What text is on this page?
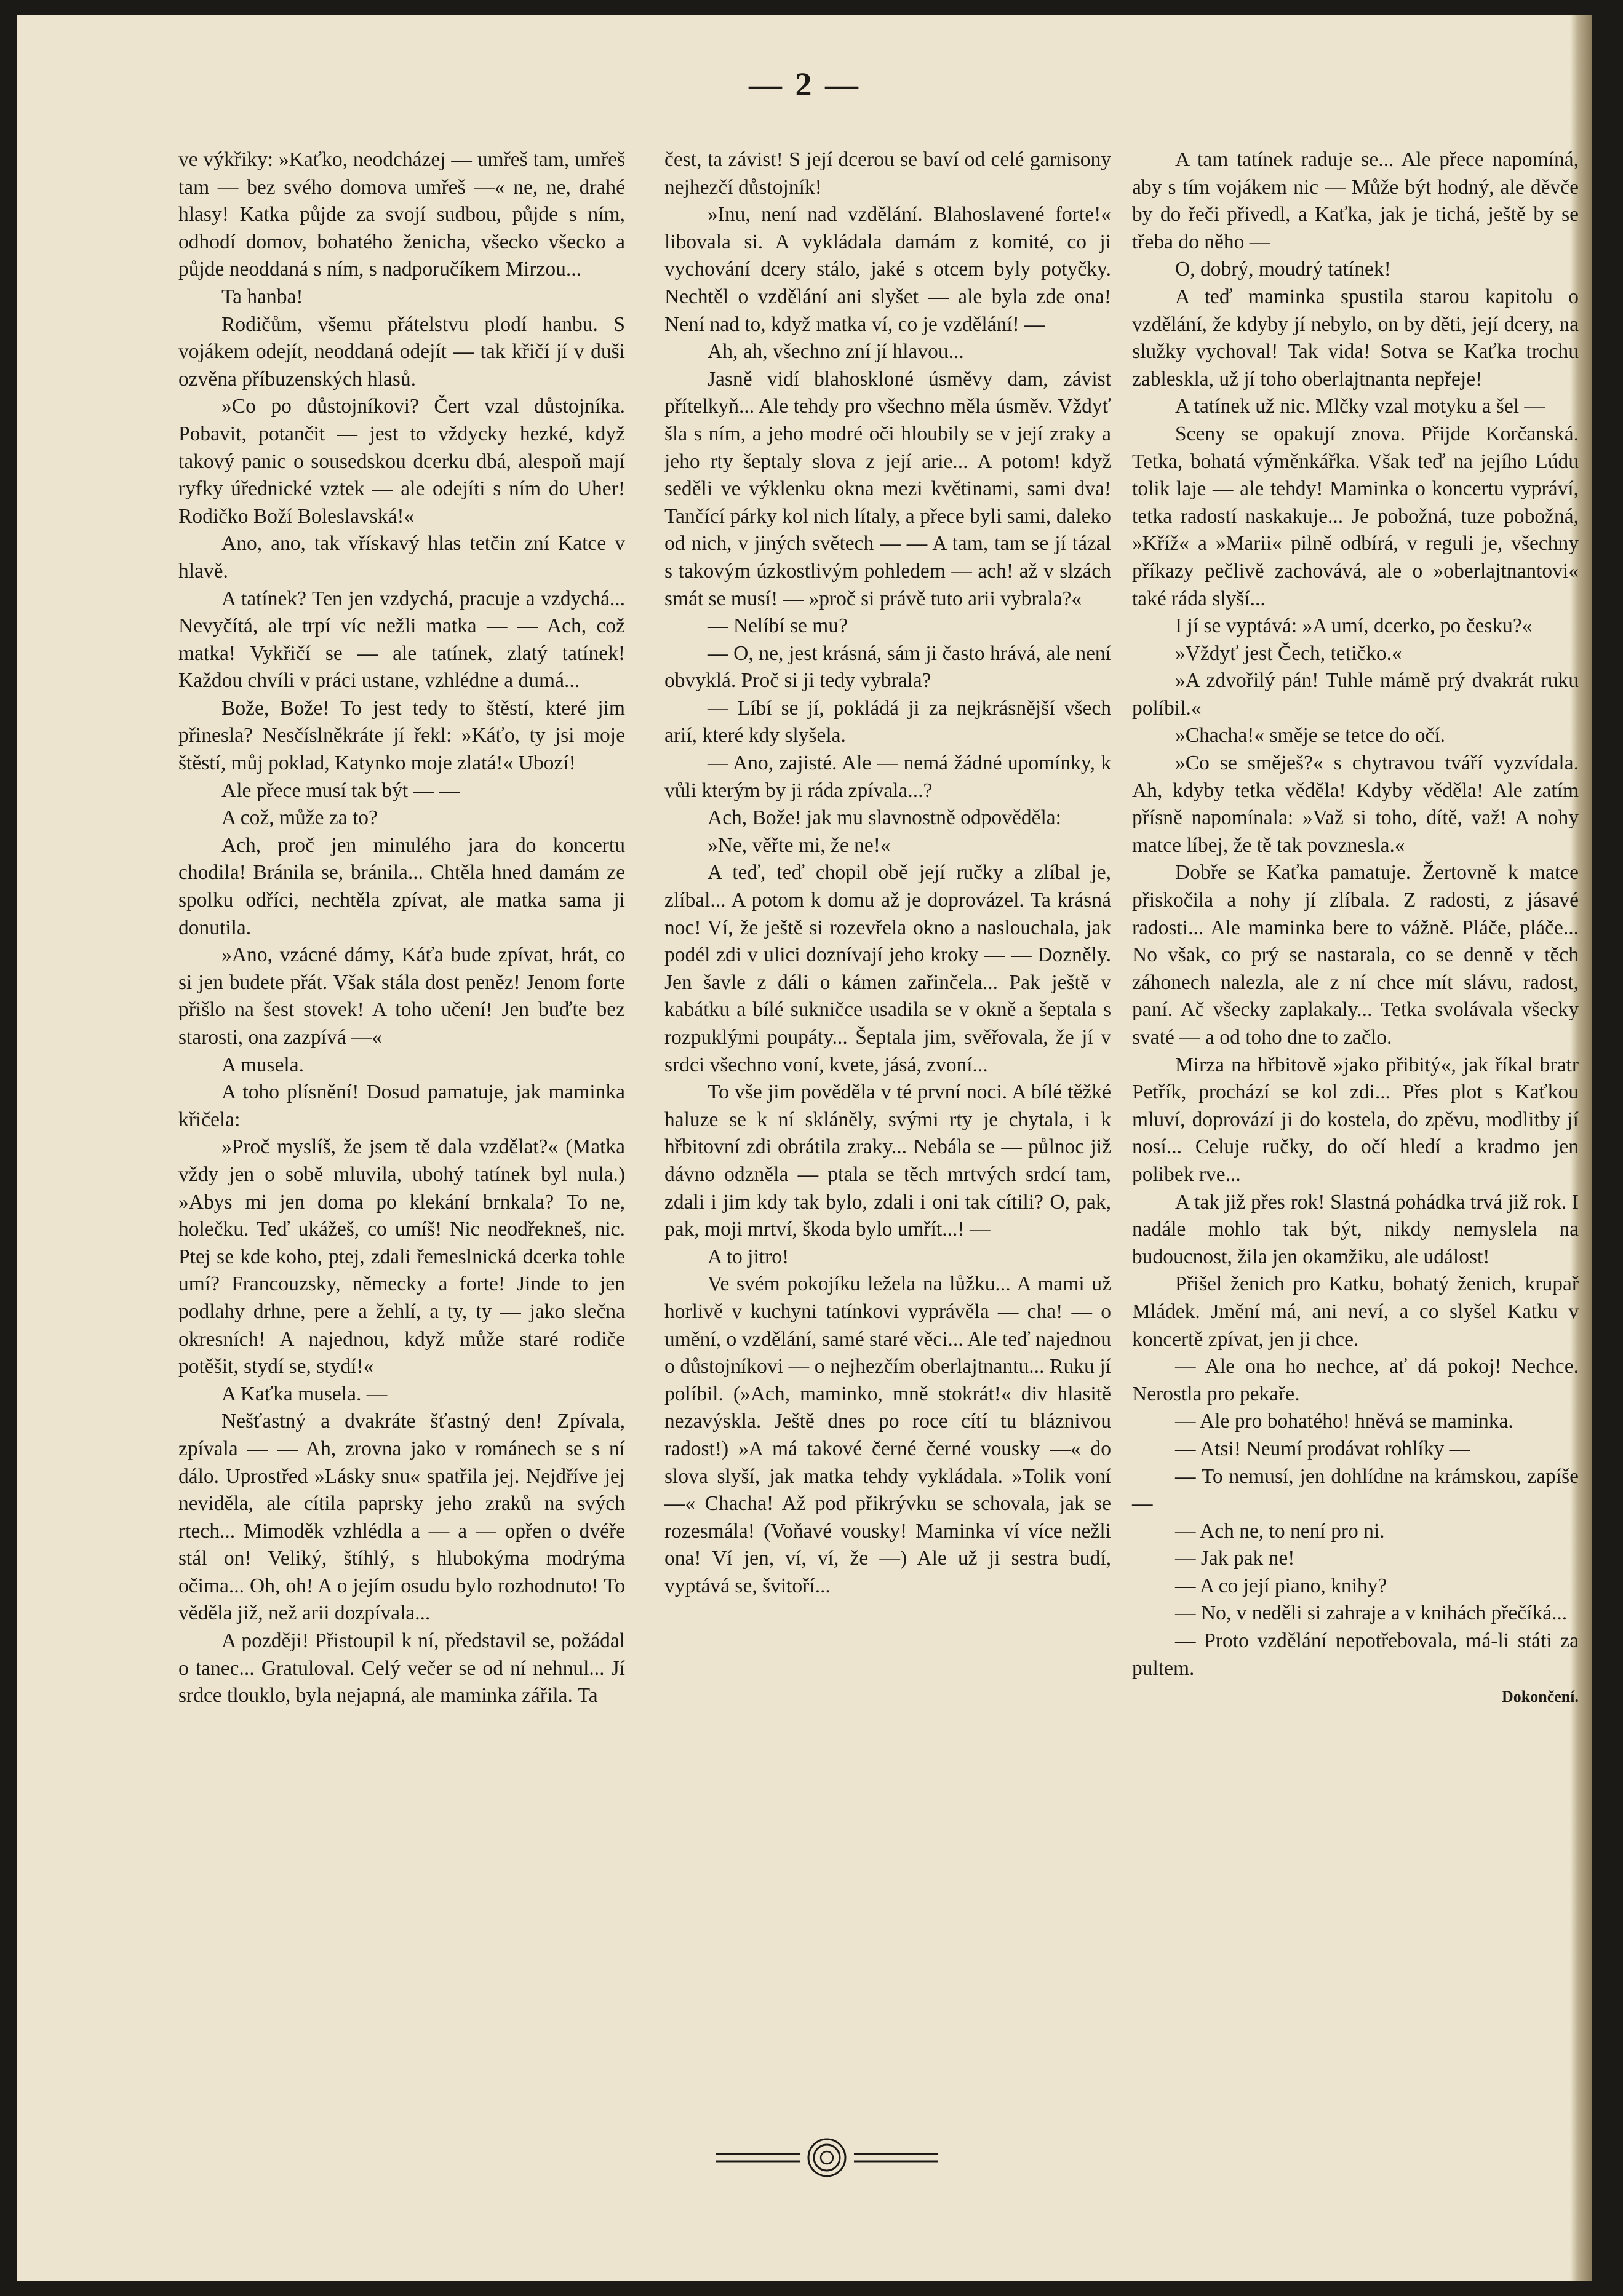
— 2 —

ve výkřiky: »Kaťko, neodcházej — umřeš tam, umřeš tam — bez svého domova umřeš —« ne, ne, drahé hlasy! Katka půjde za svojí sudbou, půjde s ním, odhodí domov, bohatého ženicha, všecko všecko a půjde neoddaná s ním, s nadporučíkem Mirzou...

Ta hanba!

Rodičům, všemu přátelstvu plodí hanbu. S vojákem odejít, neoddaná odejít — tak křičí jí v duši ozvěna příbuzenských hlasů.

»Co po důstojníkovi? Čert vzal důstojníka. Pobavit, potančit — jest to vždycky hezké, když takový panic o sousedskou dcerku dbá, alespoň mají ryfky úřednické vztek — ale odejíti s ním do Uher! Rodičko Boží Boleslavská!«

Ano, ano, tak vřískavý hlas tetčin zní Katce v hlavě.

A tatínek? Ten jen vzdychá, pracuje a vzdychá... Nevyčítá, ale trpí víc nežli matka — — Ach, což matka! Vykřičí se — ale tatínek, zlatý tatínek! Každou chvíli v práci ustane, vzhlédne a dumá...

Bože, Bože! To jest tedy to štěstí, které jim přinesla? Nesčíslněkráte jí řekl: »Káťo, ty jsi moje štěstí, můj poklad, Katynko moje zlatá!« Ubozí!

Ale přece musí tak být — —

A což, může za to?

Ach, proč jen minulého jara do koncertu chodila! Bránila se, bránila... Chtěla hned damám ze spolku odříci, nechtěla zpívat, ale matka sama ji donutila.

»Ano, vzácné dámy, Káťa bude zpívat, hrát, co si jen budete přát. Však stála dost peněz! Jenom forte přišlo na šest stovek! A toho učení! Jen buďte bez starosti, ona zazpívá —«

A musela.

A toho plísnění! Dosud pamatuje, jak maminka křičela:

»Proč myslíš, že jsem tě dala vzdělat?« (Matka vždy jen o sobě mluvila, ubohý tatínek byl nula.) »Abys mi jen doma po klekání brnkala? To ne, holečku. Teď ukážeš, co umíš! Nic neodřekneš, nic. Ptej se kde koho, ptej, zdali řemeslnická dcerka tohle umí? Francouzsky, německy a forte! Jinde to jen podlahy drhne, pere a žehlí, a ty, ty — jako slečna okresních! A najednou, když může staré rodiče potěšit, stydí se, stydí!«

A Kaťka musela. —

Nešťastný a dvakráte šťastný den! Zpívala, zpívala — — Ah, zrovna jako v románech se s ní dálo. Uprostřed »Lásky snu« spatřila jej. Nejdříve jej neviděla, ale cítila paprsky jeho zraků na svých rtech... Mimoděk vzhlédla a — a — opřen o dvéře stál on! Veliký, štíhlý, s hlubokýma modrýma očima... Oh, oh! A o jejím osudu bylo rozhodnuto! To věděla již, než arii dozpívala...

A později! Přistoupil k ní, představil se, požádal o tanec... Gratuloval. Celý večer se od ní nehnul... Jí srdce tlouklo, byla nejapná, ale maminka zářila. Ta

čest, ta závist! S její dcerou se baví od celé garnisony nejhezčí důstojník!

»Inu, není nad vzdělání. Blahoslavené forte!« libovala si. A vykládala damám z komité, co ji vychování dcery stálo, jaké s otcem byly potyčky. Nechtěl o vzdělání ani slyšet — ale byla zde ona! Není nad to, když matka ví, co je vzdělání! —

Ah, ah, všechno zní jí hlavou...

Jasně vidí blahoskloné úsměvy dam, závist přítelkyň... Ale tehdy pro všechno měla úsměv. Vždyť šla s ním, a jeho modré oči hloubily se v její zraky a jeho rty šeptaly slova z její arie... A potom! když seděli ve výklenku okna mezi květinami, sami dva! Tančící párky kol nich lítaly, a přece byli sami, daleko od nich, v jiných světech — — A tam, tam se jí tázal s takovým úzkostlivým pohledem — ach! až v slzách smát se musí! — »proč si právě tuto arii vybrala?«

— Nelíbí se mu?

— O, ne, jest krásná, sám ji často hrává, ale není obvyklá. Proč si ji tedy vybrala?

— Líbí se jí, pokládá ji za nejkrásnější všech arií, které kdy slyšela.

— Ano, zajisté. Ale — nemá žádné upomínky, k vůli kterým by ji ráda zpívala...?

Ach, Bože! jak mu slavnostně odpověděla:

»Ne, věřte mi, že ne!«

A teď, teď chopil obě její ručky a zlíbal je, zlíbal... A potom k domu až je doprovázel. Ta krásná noc! Ví, že ještě si rozevřela okno a naslouchala, jak podél zdi v ulici doznívají jeho kroky — — Dozněly. Jen šavle z dáli o kámen zařinčela... Pak ještě v kabátku a bílé sukničce usadila se v okně a šeptala s rozpuklými poupáty... Šeptala jim, svěřovala, že jí v srdci všechno voní, kvete, jásá, zvoní...

To vše jim pověděla v té první noci. A bílé těžké haluze se k ní skláněly, svými rty je chytala, i k hřbitovní zdi obrátila zraky... Nebála se — půlnoc již dávno odzněla — ptala se těch mrtvých srdcí tam, zdali i jim kdy tak bylo, zdali i oni tak cítili? O, pak, pak, moji mrtví, škoda bylo umřít...! —

A to jitro!

Ve svém pokojíku ležela na lůžku... A mami už horlivě v kuchyni tatínkovi vyprávěla — cha! — o umění, o vzdělání, samé staré věci... Ale teď najednou o důstojníkovi — o nejhezčím oberlajtnantu... Ruku jí políbil. (»Ach, maminko, mně stokrát!« div hlasitě nezavýskla. Ještě dnes po roce cítí tu bláznivou radost!) »A má takové černé černé vousky —« do slova slyší, jak matka tehdy vykládala. »Tolik voní —« Chacha! Až pod přikrývku se schovala, jak se rozesmála! (Voňavé vousky! Maminka ví více nežli ona! Ví jen, ví, ví, že —) Ale už ji sestra budí, vyptává se, švitoří...

A tam tatínek raduje se... Ale přece napomíná, aby s tím vojákem nic — Může být hodný, ale děvče by do řeči přivedl, a Kaťka, jak je tichá, ještě by se třeba do něho —

O, dobrý, moudrý tatínek!

A teď maminka spustila starou kapitolu o vzdělání, že kdyby jí nebylo, on by děti, její dcery, na služky vychoval! Tak vida! Sotva se Kaťka trochu zableskla, už jí toho oberlajtnanta nepřeje!

A tatínek už nic. Mlčky vzal motyku a šel —

Sceny se opakují znova. Přijde Korčanská. Tetka, bohatá výměnkářka. Však teď na jejího Lúdu tolik laje — ale tehdy! Maminka o koncertu vypráví, tetka radostí naskakuje... Je pobožná, tuze pobožná, »Kříž« a »Marii« pilně odbírá, v reguli je, všechny příkazy pečlivě zachovává, ale o »oberlajtnantovi« také ráda slyší...

I jí se vyptává: »A umí, dcerko, po česku?«

»Vždyť jest Čech, tetičko.«

»A zdvořilý pán! Tuhle mámě prý dvakrát ruku políbil.«

»Chacha!« směje se tetce do očí.

»Co se směješ?« s chytravou tváří vyzvídala. Ah, kdyby tetka věděla! Kdyby věděla! Ale zatím přísně napomínala: »Važ si toho, dítě, važ! A nohy matce líbej, že tě tak povznesla.«

Dobře se Kaťka pamatuje. Žertovně k matce přiskočila a nohy jí zlíbala. Z radosti, z jásavé radosti... Ale maminka bere to vážně. Pláče, pláče... No však, co prý se nastarala, co se denně v těch záhonech nalezla, ale z ní chce mít slávu, radost, paní. Ač všecky zaplakaly... Tetka svolávala všecky svaté — a od toho dne to začlo.

Mirza na hřbitově »jako přibitý«, jak říkal bratr Petřík, prochází se kol zdi... Přes plot s Kaťkou mluví, doprovází ji do kostela, do zpěvu, modlitby jí nosí... Celuje ručky, do očí hledí a kradmo jen polibek rve...

A tak již přes rok! Slastná pohádka trvá již rok. I nadále mohlo tak být, nikdy nemyslela na budoucnost, žila jen okamžiku, ale událost!

Přišel ženich pro Katku, bohatý ženich, krupař Mládek. Jmění má, ani neví, a co slyšel Katku v koncertě zpívat, jen ji chce.

— Ale ona ho nechce, ať dá pokoj! Nechce. Nerostla pro pekaře.

— Ale pro bohatého! hněvá se maminka.

— Atsi! Neumí prodávat rohlíky —

— To nemusí, jen dohlídne na krámskou, zapíše —

— Ach ne, to není pro ni.

— Jak pak ne!

— A co její piano, knihy?

— No, v neděli si zahraje a v knihách přečíká...

— Proto vzdělání nepotřebovala, má-li státi za pultem.

Dokončení.
